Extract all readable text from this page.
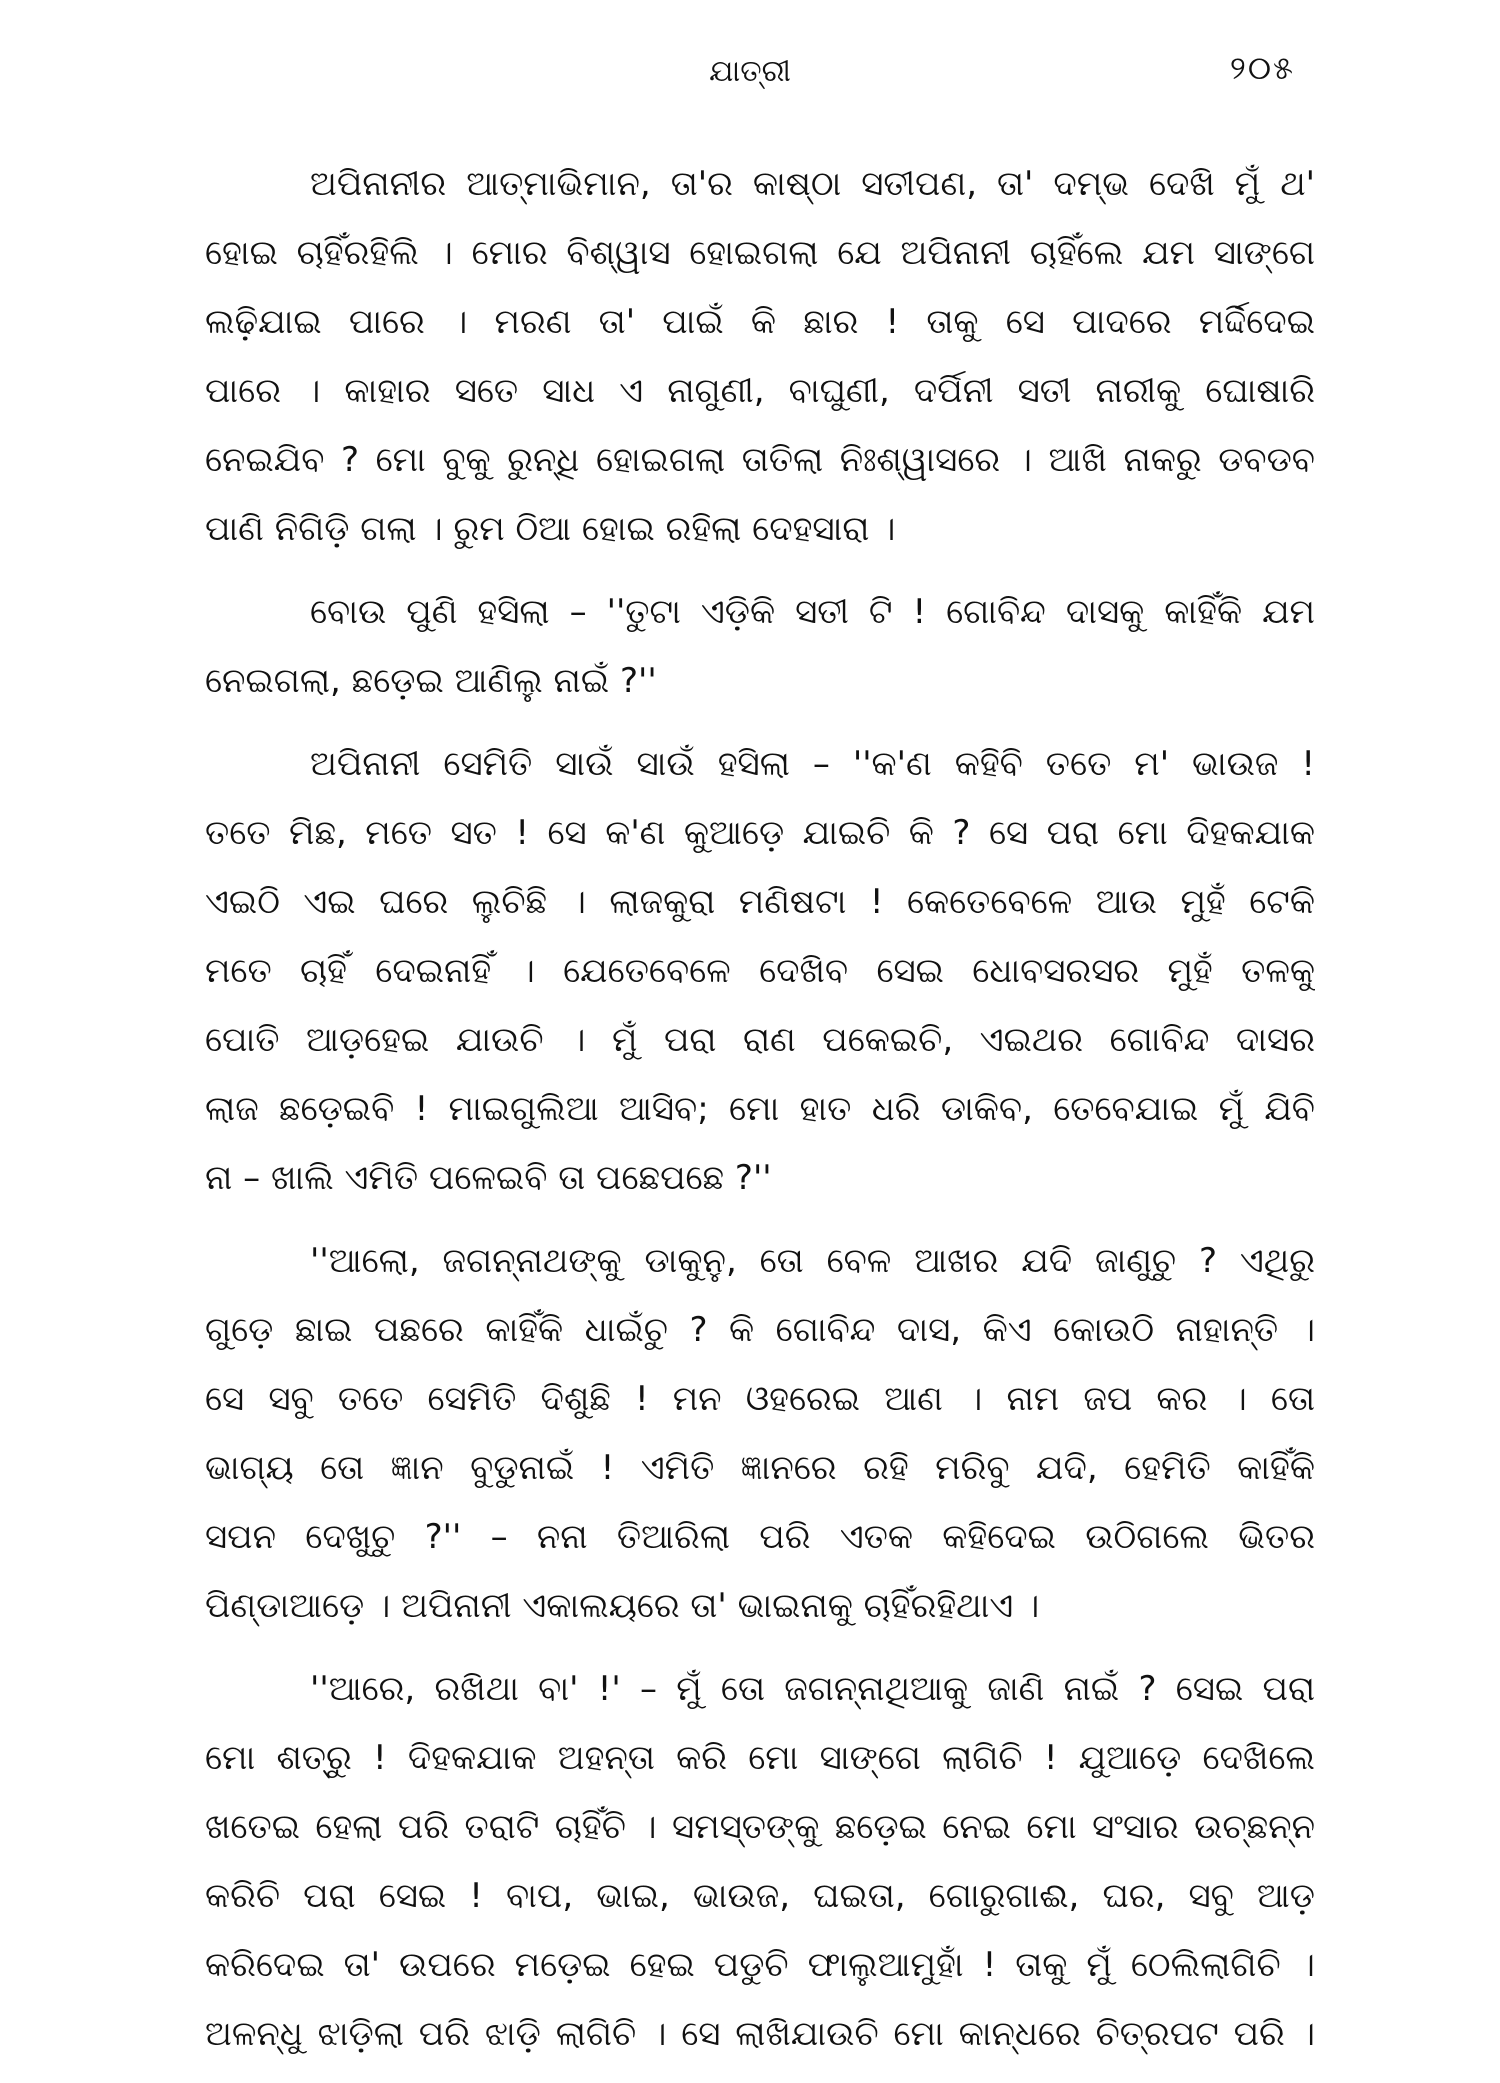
ଯାତ୍ରୀ	୨୦୫
ଅପିନାନୀର ଆତ୍ମାଭିମାନ, ତା'ର କାଷ୍ଠା ସତୀପଣ, ତା' ଦମ୍ଭ ଦେଖି ମୁଁ ଥ'
ହୋଇ ଚାହିଁରହିଲି । ମୋର ବିଶ୍ୱାସ ହୋଇଗଲା ଯେ ଅପିନାନୀ ଚାହିଁଲେ ଯମ ସାଙ୍ଗେ
ଲଢ଼ିଯାଇ ପାରେ । ମରଣ ତା' ପାଇଁ କି ଛାର ! ତାକୁ ସେ ପାଦରେ ମର୍ଦ୍ଦିଦେଇ
ପାରେ । କାହାର ସତେ ସାଧ ଏ ନାଗୁଣୀ, ବାଘୁଣୀ, ଦର୍ପିନୀ ସତୀ ନାରୀକୁ ଘୋଷାରି
ନେଇଯିବ ? ମୋ ବୁକୁ ରୁନ୍ଧି ହୋଇଗଲା ତାତିଲା ନିଃଶ୍ୱାସରେ । ଆଖି ନାକରୁ ଡବଡବ
ପାଣି ନିଗିଡ଼ି ଗଲା । ରୁମ ଠିଆ ହୋଇ ରହିଲା ଦେହସାରା ।
ବୋଉ ପୁଣି ହସିଲା – ''ତୁଟା ଏଡ଼ିକି ସତୀ ଟି ! ଗୋବିନ୍ଦ ଦାସକୁ କାହିଁକି ଯମ
ନେଇଗଲା, ଛଡ଼େଇ ଆଣିଲୁ ନାଇଁ ?''
ଅପିନାନୀ ସେମିତି ସାଉଁ ସାଉଁ ହସିଲା – ''କ'ଣ କହିବି ତତେ ମ' ଭାଉଜ !
ତତେ ମିଛ, ମତେ ସତ ! ସେ କ'ଣ କୁଆଡ଼େ ଯାଇଚି କି ? ସେ ପରା ମୋ ଦିହକଯାକ
ଏଇଠି ଏଇ ଘରେ ଲୁଚିଛି । ଲାଜକୁରା ମଣିଷଟା ! କେତେବେଳେ ଆଉ ମୁହଁ ଟେକି
ମତେ ଚାହିଁ ଦେଇନାହିଁ । ଯେତେବେଳେ ଦେଖିବ ସେଇ ଧୋବସରସର ମୁହଁ ତଳକୁ
ପୋତି ଆଡ଼ହେଇ ଯାଉଚି । ମୁଁ ପରା ରାଣ ପକେଇଚି, ଏଇଥର ଗୋବିନ୍ଦ ଦାସର
ଲାଜ ଛଡ଼େଇବି ! ମାଇଗୁଲିଆ ଆସିବ; ମୋ ହାତ ଧରି ଡାକିବ, ତେବେଯାଇ ମୁଁ ଯିବି
ନା – ଖାଲି ଏମିତି ପଳେଇବି ତା ପଛେପଛେ ?''
''ଆଲୋ, ଜଗନ୍ନାଥଙ୍କୁ ଡାକୁନୁ, ତୋ ବେଳ ଆଖର ଯଦି ଜାଣୁଚୁ ? ଏଥିରୁ
ଗୁଡ଼େ ଛାଇ ପଛରେ କାହିଁକି ଧାଇଁଚୁ ? କି ଗୋବିନ୍ଦ ଦାସ, କିଏ କୋଉଠି ନାହାନ୍ତି ।
ସେ ସବୁ ତତେ ସେମିତି ଦିଶୁଛି ! ମନ ଓହରେଇ ଆଣ । ନାମ ଜପ କର । ତୋ
ଭାଗ୍ୟ ତୋ ଜ୍ଞାନ ବୁଡୁନାଇଁ ! ଏମିତି ଜ୍ଞାନରେ ରହି ମରିବୁ ଯଦି, ହେମିତି କାହିଁକି
ସପନ ଦେଖୁଚୁ ?'' – ନନା ତିଆରିଲା ପରି ଏତକ କହିଦେଇ ଉଠିଗଲେ ଭିତର
ପିଣ୍ଡାଆଡ଼େ । ଅପିନାନୀ ଏକାଲୟରେ ତା' ଭାଇନାକୁ ଚାହିଁରହିଥାଏ ।
''ଆରେ, ରଖିଥା ବା' !' – ମୁଁ ତୋ ଜଗନ୍ନାଥିଆକୁ ଜାଣି ନାଇଁ ? ସେଇ ପରା
ମୋ ଶତ୍ରୁ ! ଦିହକଯାକ ଅହନ୍ତା କରି ମୋ ସାଙ୍ଗେ ଲାଗିଚି ! ଯୁଆଡ଼େ ଦେଖିଲେ
ଖତେଇ ହେଲା ପରି ତରାଟି ଚାହିଁଚି । ସମସ୍ତଙ୍କୁ ଛଡ଼େଇ ନେଇ ମୋ ସଂସାର ଉଚ୍ଛନ୍ନ
କରିଚି ପରା ସେଇ ! ବାପ, ଭାଇ, ଭାଉଜ, ଘଇତା, ଗୋରୁଗାଈ, ଘର, ସବୁ ଆଡ଼
କରିଦେଇ ତା' ଉପରେ ମଡ଼େଇ ହେଇ ପଡୁଚି ଫାଲୁଆମୁହାଁ ! ତାକୁ ମୁଁ ଠେଲିଲାଗିଚି ।
ଅଳନ୍ଧୁ ଝାଡ଼ିଲା ପରି ଝାଡ଼ି ଲାଗିଚି । ସେ ଲାଖିଯାଉଚି ମୋ କାନ୍ଧରେ ଚିତ୍ରପଟ ପରି ।
